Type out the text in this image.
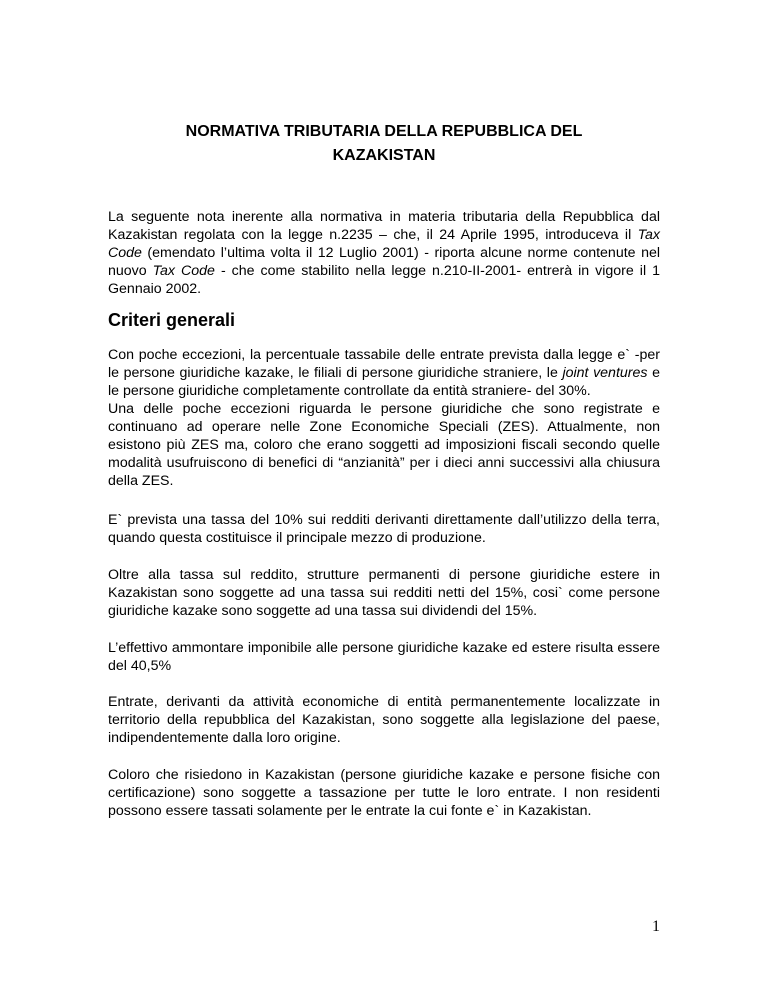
NORMATIVA TRIBUTARIA DELLA REPUBBLICA DEL
KAZAKISTAN

La seguente nota inerente alla normativa in materia tributaria della Repubblica dal Kazakistan regolata con la legge n.2235 – che, il 24 Aprile 1995, introduceva il Tax Code (emendato l’ultima volta il 12 Luglio 2001) - riporta alcune norme contenute nel nuovo Tax Code - che come stabilito nella legge n.210-II-2001- entrerà in vigore il 1 Gennaio 2002.

Criteri generali

Con poche eccezioni, la percentuale tassabile delle entrate prevista dalla legge e` -per le persone giuridiche kazake, le filiali di persone giuridiche straniere, le joint ventures e le persone giuridiche completamente controllate da entità straniere- del 30%.
Una delle poche eccezioni riguarda le persone giuridiche che sono registrate e continuano ad operare nelle Zone Economiche Speciali (ZES). Attualmente, non esistono più ZES ma, coloro che erano soggetti ad imposizioni fiscali secondo quelle modalità usufruiscono di benefici di “anzianità” per i dieci anni successivi alla chiusura della ZES.

E` prevista una tassa del 10% sui redditi derivanti direttamente dall’utilizzo della terra, quando questa costituisce il principale mezzo di produzione.

Oltre alla tassa sul reddito, strutture permanenti di persone giuridiche estere in Kazakistan sono soggette ad una tassa sui redditi netti del 15%, cosi` come persone giuridiche kazake sono soggette ad una tassa sui dividendi del 15%.

L’effettivo ammontare imponibile alle persone giuridiche kazake ed estere risulta essere del 40,5%

Entrate, derivanti da attività economiche di entità permanentemente localizzate in territorio della repubblica del Kazakistan, sono soggette alla legislazione del paese, indipendentemente dalla loro origine.

Coloro che risiedono in Kazakistan (persone giuridiche kazake e persone fisiche con certificazione) sono soggette a tassazione per tutte le loro entrate. I non residenti possono essere tassati solamente per le entrate la cui fonte e` in Kazakistan.

1
